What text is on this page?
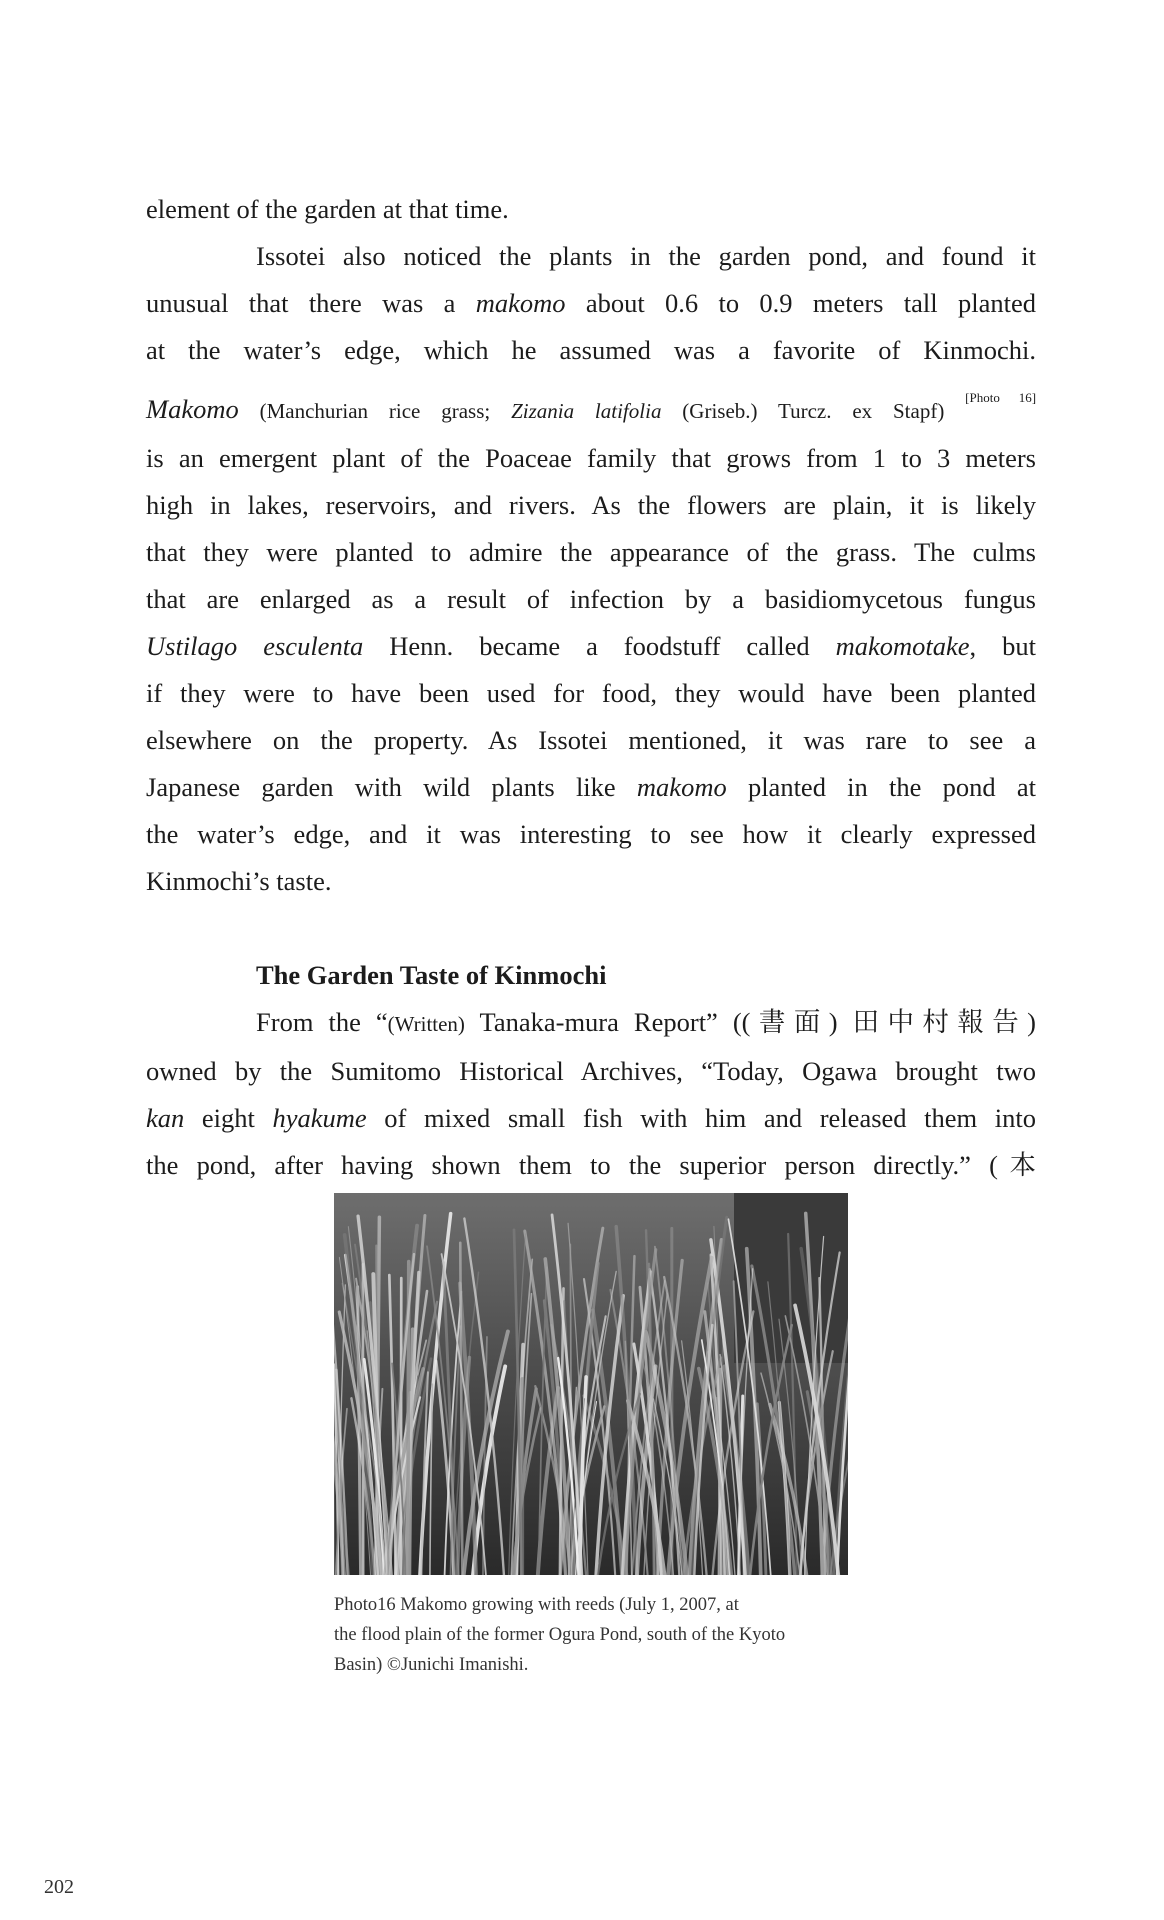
element of the garden at that time.
Issotei also noticed the plants in the garden pond, and found it
unusual that there was a makomo about 0.6 to 0.9 meters tall planted
at the water’s edge, which he assumed was a favorite of Kinmochi.
Makomo (Manchurian rice grass; Zizania latifolia (Griseb.) Turcz. ex Stapf) [Photo 16]
is an emergent plant of the Poaceae family that grows from 1 to 3 meters
high in lakes, reservoirs, and rivers. As the flowers are plain, it is likely
that they were planted to admire the appearance of the grass. The culms
that are enlarged as a result of infection by a basidiomycetous fungus
Ustilago esculenta Henn. became a foodstuff called makomotake, but
if they were to have been used for food, they would have been planted
elsewhere on the property. As Issotei mentioned, it was rare to see a
Japanese garden with wild plants like makomo planted in the pond at
the water’s edge, and it was interesting to see how it clearly expressed
Kinmochi’s taste.
The Garden Taste of Kinmochi
From the “(Written) Tanaka-mura Report” ((書面) 田中村報告)
owned by the Sumitomo Historical Archives, “Today, Ogawa brought two
kan eight hyakume of mixed small fish with him and released them into
the pond, after having shown them to the superior person directly.” (本
Photo16 Makomo growing with reeds (July 1, 2007, at
the flood plain of the former Ogura Pond, south of the Kyoto
Basin) ©Junichi Imanishi.
202
